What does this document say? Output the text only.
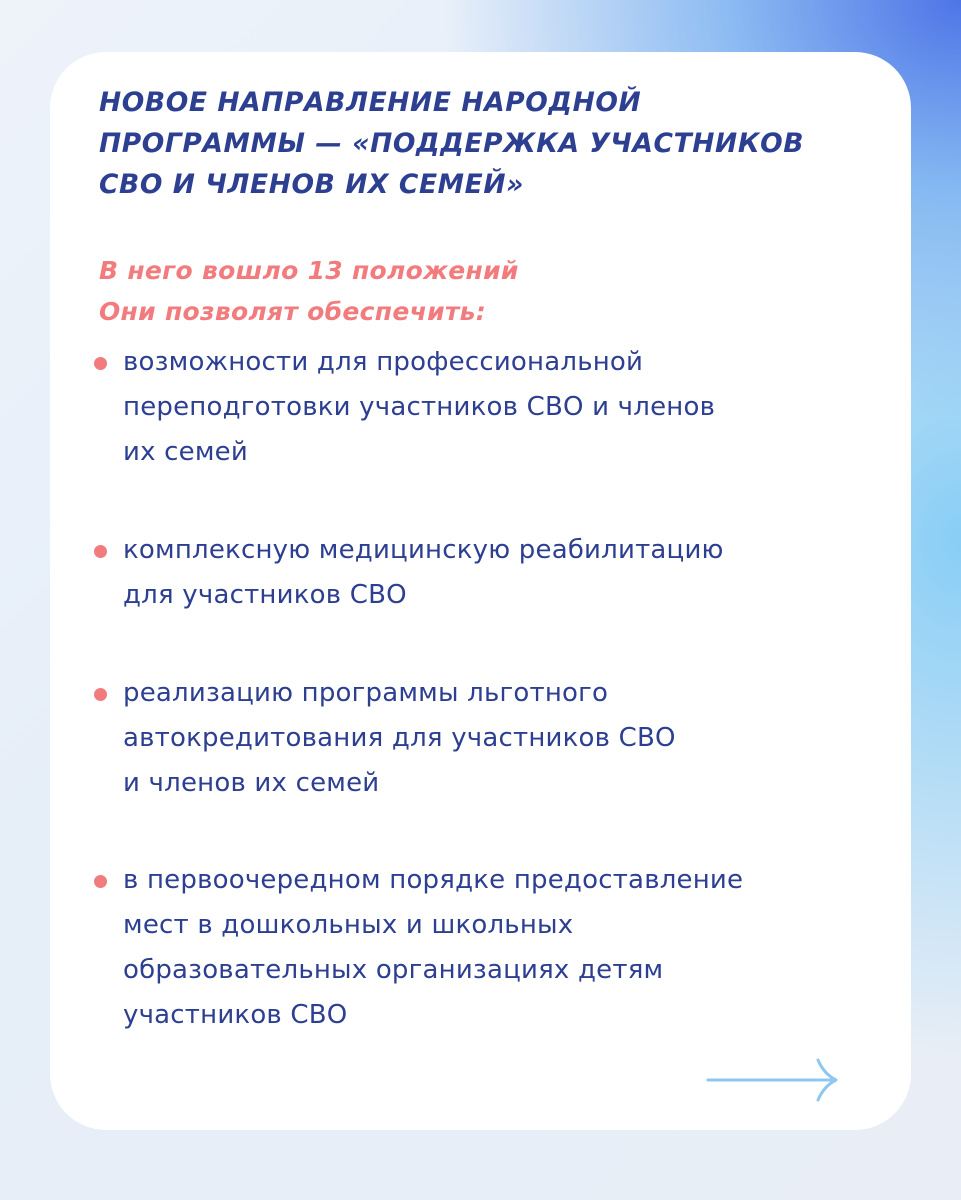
НОВОЕ НАПРАВЛЕНИЕ НАРОДНОЙ
ПРОГРАММЫ — «ПОДДЕРЖКА УЧАСТНИКОВ
СВО И ЧЛЕНОВ ИХ СЕМЕЙ»
В него вошло 13 положений
Они позволят обеспечить:
возможности для профессиональной
переподготовки участников СВО и членов
их семей
комплексную медицинскую реабилитацию
для участников СВО
реализацию программы льготного
автокредитования для участников СВО
и членов их семей
в первоочередном порядке предоставление
мест в дошкольных и школьных
образовательных организациях детям
участников СВО
